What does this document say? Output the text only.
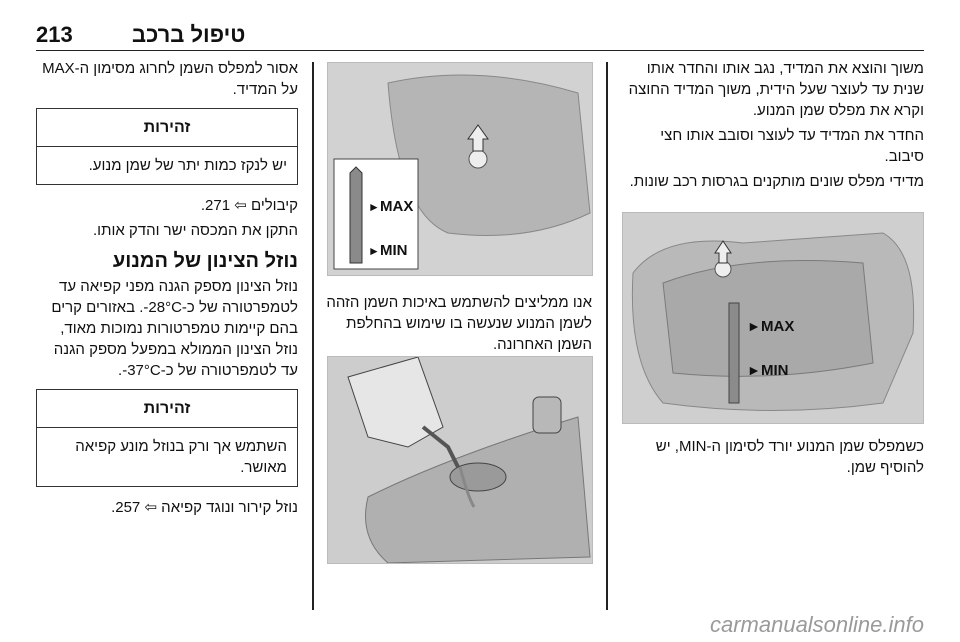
213	טיפול ברכב

משוך והוצא את המדיד, נגב אותו והחדר אותו שנית עד לעוצר שעל הידית, משוך המדיד החוצה וקרא את מפלס שמן המנוע.

החדר את המדיד עד לעוצר וסובב אותו חצי סיבוב.

מדידי מפלס שונים מותקנים בגרסות רכב שונות.

► MAX
► MIN
כשמפלס שמן המנוע יורד לסימון ה-MIN, יש להוסיף שמן.
► MAX
► MIN
אנו ממליצים להשתמש באיכות השמן הזהה לשמן המנוע שנעשה בו שימוש בהחלפת השמן האחרונה.

אסור למפלס השמן לחרוג מסימון ה-MAX על המדיד.

זהירות
יש לנקז כמות יתר של שמן מנוע.

קיבולים ⇦ 271.

התקן את המכסה ישר והדק אותו.

נוזל הצינון של המנוע

נוזל הצינון מספק הגנה מפני קפיאה עד לטמפרטורה של כ-28°C-. באזורים קרים בהם קיימות טמפרטורות נמוכות מאוד, נוזל הצינון הממולא במפעל מספק הגנה עד לטמפרטורה של כ-37°C-.

זהירות
השתמש אך ורק בנוזל מונע קפיאה מאושר.

נוזל קירור ונוגד קפיאה ⇦ 257.

carmanualsonline.info
